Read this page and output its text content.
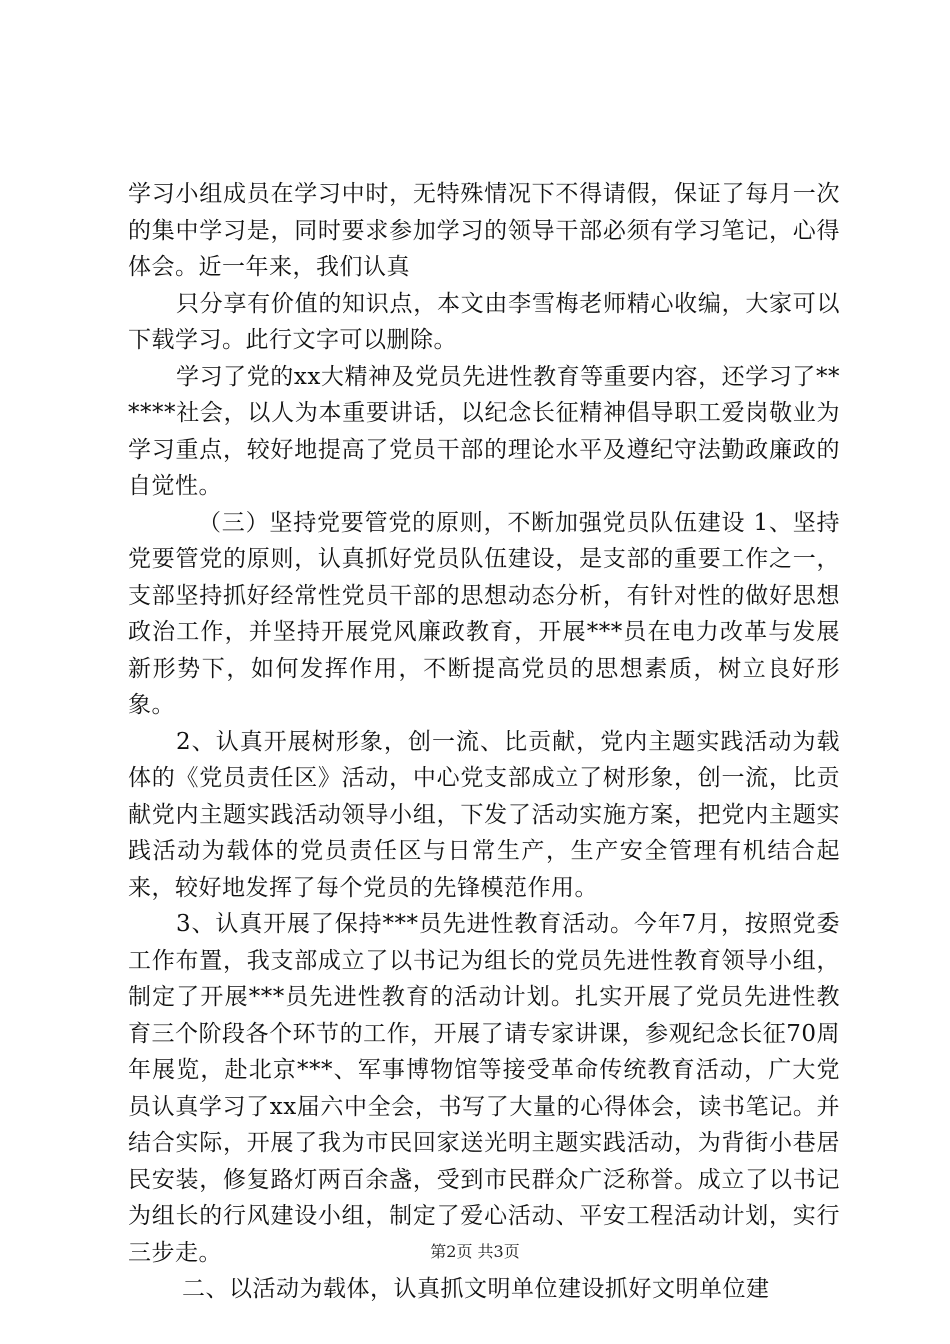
学习小组成员在学习中时，无特殊情况下不得请假，保证了每月一次的集中学习是，同时要求参加学习的领导干部必须有学习笔记，心得体会。近一年来，我们认真

只分享有价值的知识点，本文由李雪梅老师精心收编，大家可以下载学习。此行文字可以删除。

学习了党的xx大精神及党员先进性教育等重要内容，还学习了******社会，以人为本重要讲话，以纪念长征精神倡导职工爱岗敬业为学习重点，较好地提高了党员干部的理论水平及遵纪守法勤政廉政的自觉性。

（三）坚持党要管党的原则，不断加强党员队伍建设 1、坚持党要管党的原则，认真抓好党员队伍建设，是支部的重要工作之一，支部坚持抓好经常性党员干部的思想动态分析，有针对性的做好思想政治工作，并坚持开展党风廉政教育，开展***员在电力改革与发展新形势下，如何发挥作用，不断提高党员的思想素质，树立良好形象。

2、认真开展树形象，创一流、比贡献，党内主题实践活动为载体的《党员责任区》活动，中心党支部成立了树形象，创一流，比贡献党内主题实践活动领导小组，下发了活动实施方案，把党内主题实践活动为载体的党员责任区与日常生产，生产安全管理有机结合起来，较好地发挥了每个党员的先锋模范作用。

3、认真开展了保持***员先进性教育活动。今年7月，按照党委工作布置，我支部成立了以书记为组长的党员先进性教育领导小组，制定了开展***员先进性教育的活动计划。扎实开展了党员先进性教育三个阶段各个环节的工作，开展了请专家讲课，参观纪念长征70周年展览，赴北京***、军事博物馆等接受革命传统教育活动，广大党员认真学习了xx届六中全会，书写了大量的心得体会，读书笔记。并结合实际，开展了我为市民回家送光明主题实践活动，为背街小巷居民安装，修复路灯两百余盏，受到市民群众广泛称誉。成立了以书记为组长的行风建设小组，制定了爱心活动、平安工程活动计划，实行三步走。

二、以活动为载体，认真抓文明单位建设抓好文明单位建

第2页 共3页
